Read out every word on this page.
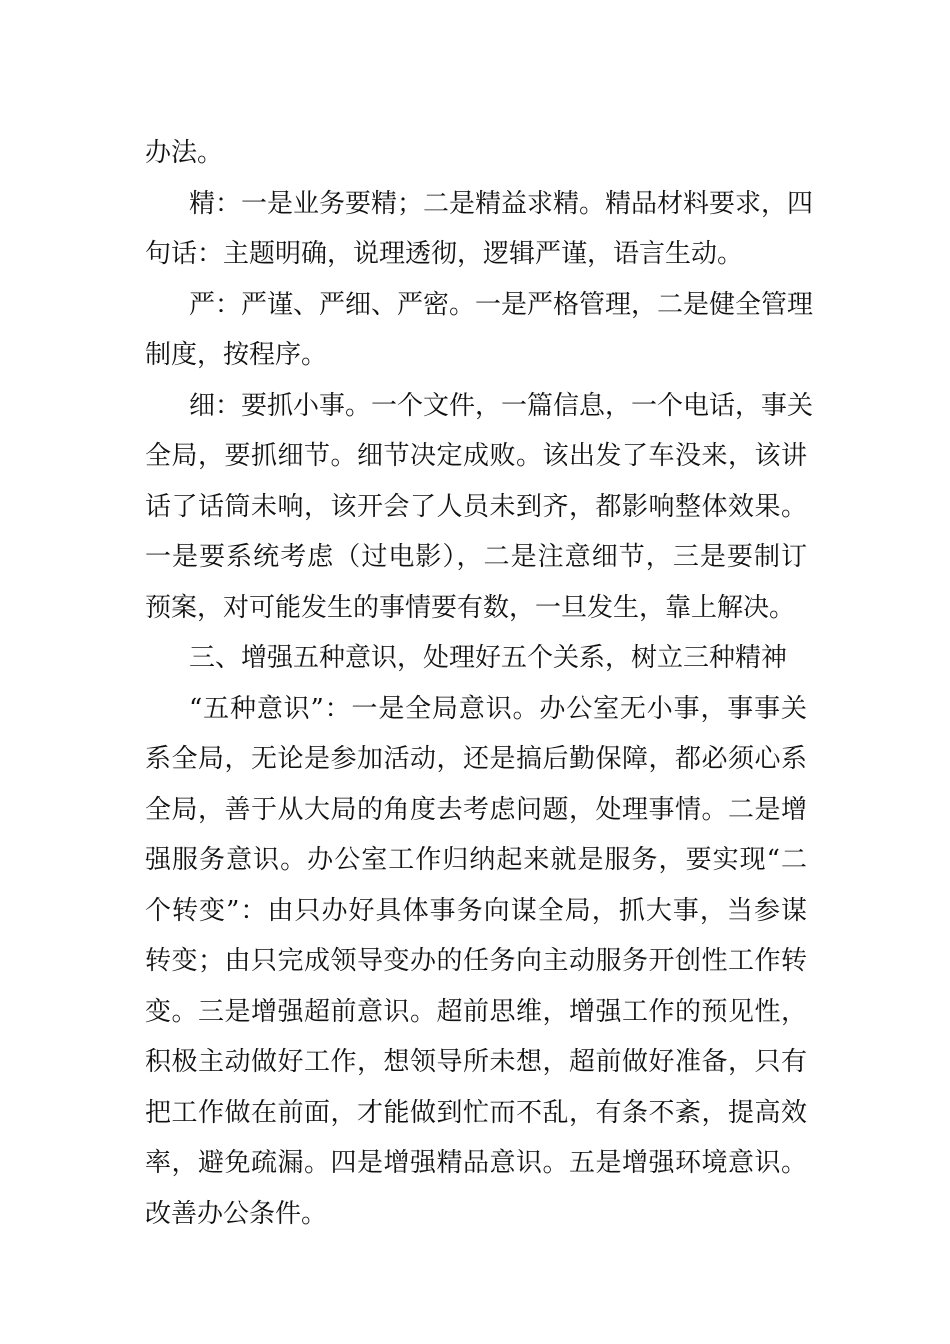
办法。
精：一是业务要精；二是精益求精。精品材料要求，四
句话：主题明确，说理透彻，逻辑严谨，语言生动。
严：严谨、严细、严密。一是严格管理，二是健全管理
制度，按程序。
细：要抓小事。一个文件，一篇信息，一个电话，事关
全局，要抓细节。细节决定成败。该出发了车没来，该讲
话了话筒未响，该开会了人员未到齐，都影响整体效果。
一是要系统考虑（过电影），二是注意细节，三是要制订
预案，对可能发生的事情要有数，一旦发生，靠上解决。
三、增强五种意识，处理好五个关系，树立三种精神
“五种意识”：一是全局意识。办公室无小事，事事关
系全局，无论是参加活动，还是搞后勤保障，都必须心系
全局，善于从大局的角度去考虑问题，处理事情。二是增
强服务意识。办公室工作归纳起来就是服务，要实现“二
个转变”：由只办好具体事务向谋全局，抓大事，当参谋
转变；由只完成领导变办的任务向主动服务开创性工作转
变。三是增强超前意识。超前思维，增强工作的预见性，
积极主动做好工作，想领导所未想，超前做好准备，只有
把工作做在前面，才能做到忙而不乱，有条不紊，提高效
率，避免疏漏。四是增强精品意识。五是增强环境意识。
改善办公条件。
